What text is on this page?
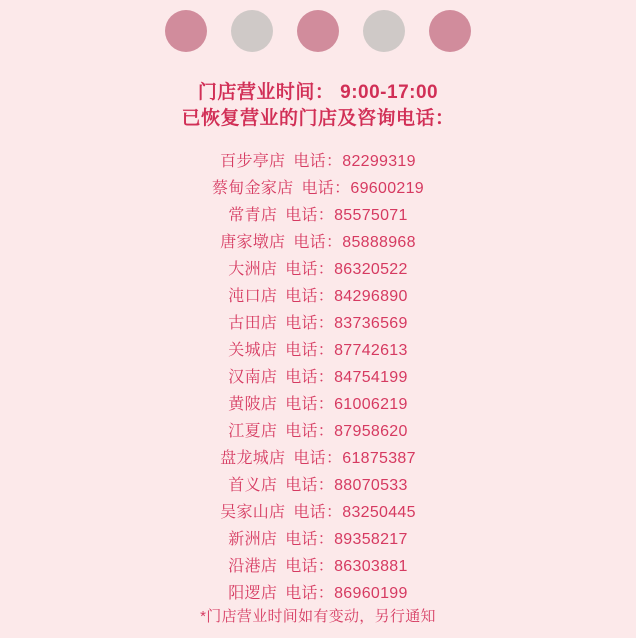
门店营业时间： 9:00-17:00
已恢复营业的门店及咨询电话：
百步亭店 电话：82299319
蔡甸金家店 电话：69600219
常青店 电话：85575071
唐家墩店 电话：85888968
大洲店 电话：86320522
沌口店 电话：84296890
古田店 电话：83736569
关城店 电话：87742613
汉南店 电话：84754199
黄陂店 电话：61006219
江夏店 电话：87958620
盘龙城店 电话：61875387
首义店 电话：88070533
吴家山店 电话：83250445
新洲店 电话：89358217
沿港店 电话：86303881
阳逻店 电话：86960199
*门店营业时间如有变动，另行通知
